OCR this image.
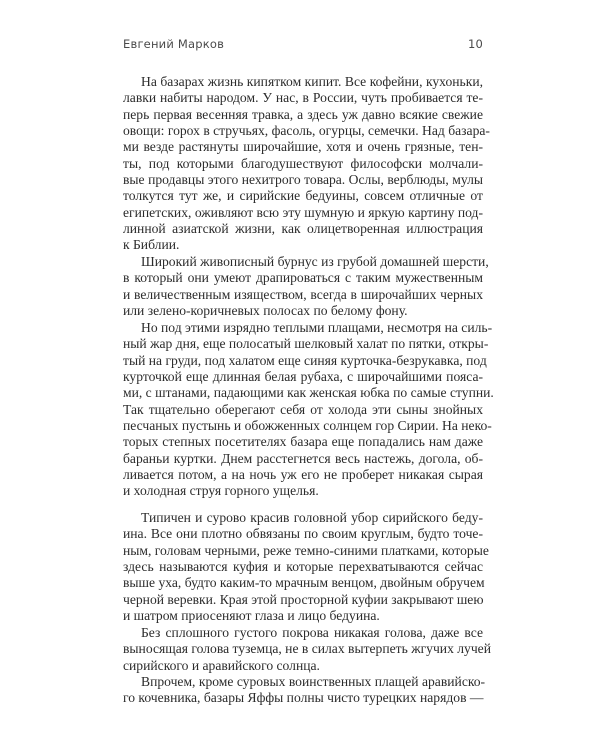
Евгений Марков	10
На базарах жизнь кипятком кипит. Все кофейни, кухоньки,
лавки набиты народом. У нас, в России, чуть пробивается те-
перь первая весенняя травка, а здесь уж давно всякие свежие
овощи: горох в стручьях, фасоль, огурцы, семечки. Над базара-
ми везде растянуты широчайшие, хотя и очень грязные, тен-
ты, под которыми благодушествуют философски молчали-
вые продавцы этого нехитрого товара. Ослы, верблюды, мулы
толкутся тут же, и сирийские бедуины, совсем отличные от
египетских, оживляют всю эту шумную и яркую картину под-
линной азиатской жизни, как олицетворенная иллюстрация
к Библии.
Широкий живописный бурнус из грубой домашней шерсти,
в который они умеют драпироваться с таким мужественным
и величественным изяществом, всегда в широчайших черных
или зелено-коричневых полосах по белому фону.
Но под этими изрядно теплыми плащами, несмотря на силь-
ный жар дня, еще полосатый шелковый халат по пятки, откры-
тый на груди, под халатом еще синяя курточка-безрукавка, под
курточкой еще длинная белая рубаха, с широчайшими пояса-
ми, с штанами, падающими как женская юбка по самые ступни.
Так тщательно оберегают себя от холода эти сыны знойных
песчаных пустынь и обожженных солнцем гор Сирии. На неко-
торых степных посетителях базара еще попадались нам даже
бараньи куртки. Днем расстегнется весь настежь, догола, об-
ливается потом, а на ночь уж его не проберет никакая сырая
и холодная струя горного ущелья.
Типичен и сурово красив головной убор сирийского беду-
ина. Все они плотно обвязаны по своим круглым, будто точе-
ным, головам черными, реже темно-синими платками, которые
здесь называются куфия и которые перехватываются сейчас
выше уха, будто каким-то мрачным венцом, двойным обручем
черной веревки. Края этой просторной куфии закрывают шею
и шатром приосеняют глаза и лицо бедуина.
Без сплошного густого покрова никакая голова, даже все
выносящая голова туземца, не в силах вытерпеть жгучих лучей
сирийского и аравийского солнца.
Впрочем, кроме суровых воинственных плащей аравийско-
го кочевника, базары Яффы полны чисто турецких нарядов —
